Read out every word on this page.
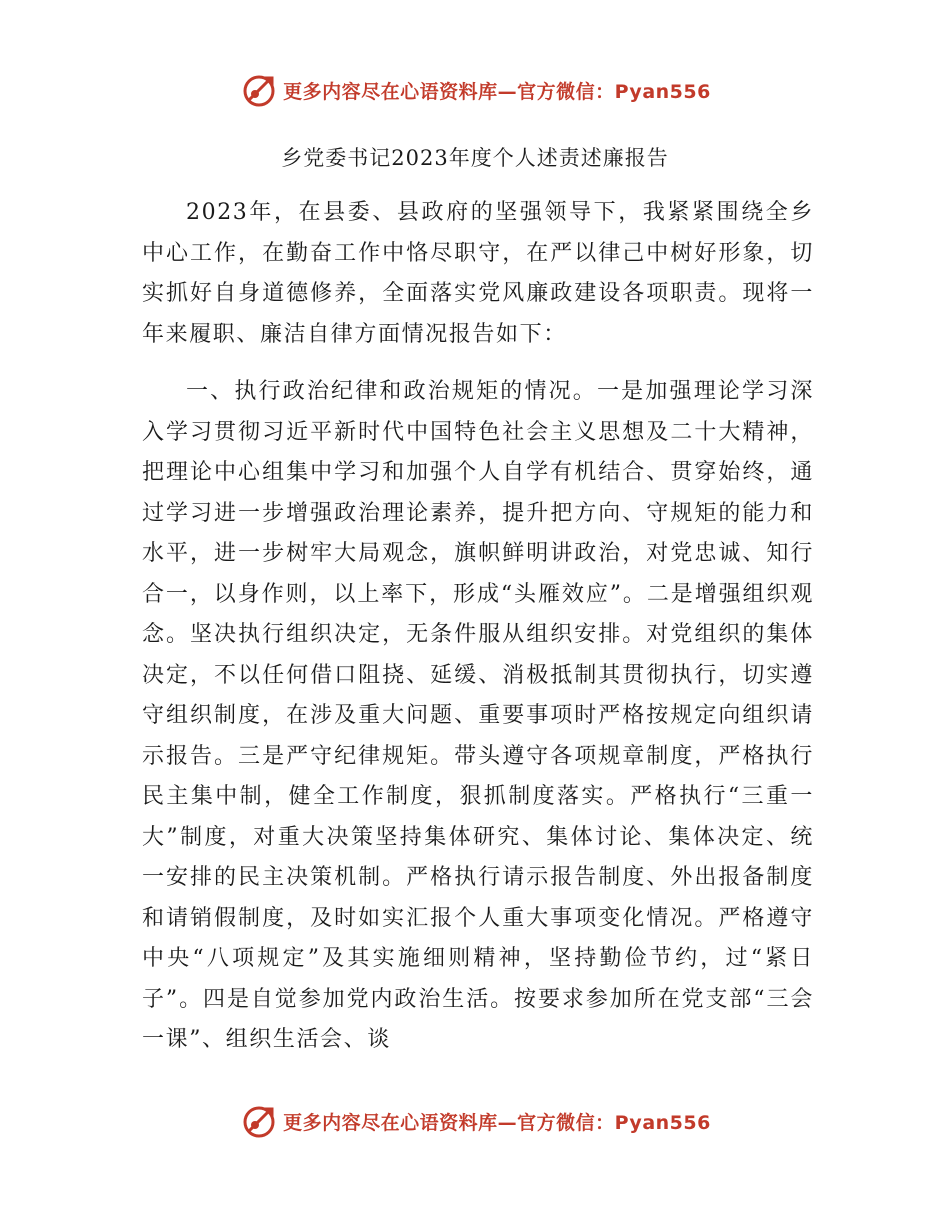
更多内容尽在心语资料库—官方微信：Pyan556
乡党委书记2023年度个人述责述廉报告

2023年，在县委、县政府的坚强领导下，我紧紧围绕全乡中心工作，在勤奋工作中恪尽职守，在严以律己中树好形象，切实抓好自身道德修养，全面落实党风廉政建设各项职责。现将一年来履职、廉洁自律方面情况报告如下：

一、执行政治纪律和政治规矩的情况。一是加强理论学习深入学习贯彻习近平新时代中国特色社会主义思想及二十大精神，把理论中心组集中学习和加强个人自学有机结合、贯穿始终，通过学习进一步增强政治理论素养，提升把方向、守规矩的能力和水平，进一步树牢大局观念，旗帜鲜明讲政治，对党忠诚、知行合一，以身作则，以上率下，形成“头雁效应”。二是增强组织观念。坚决执行组织决定，无条件服从组织安排。对党组织的集体决定，不以任何借口阻挠、延缓、消极抵制其贯彻执行，切实遵守组织制度，在涉及重大问题、重要事项时严格按规定向组织请示报告。三是严守纪律规矩。带头遵守各项规章制度，严格执行民主集中制，健全工作制度，狠抓制度落实。严格执行“三重一大”制度，对重大决策坚持集体研究、集体讨论、集体决定、统一安排的民主决策机制。严格执行请示报告制度、外出报备制度和请销假制度，及时如实汇报个人重大事项变化情况。严格遵守中央“八项规定”及其实施细则精神，坚持勤俭节约，过“紧日子”。四是自觉参加党内政治生活。按要求参加所在党支部“三会一课”、组织生活会、谈

更多内容尽在心语资料库—官方微信：Pyan556
